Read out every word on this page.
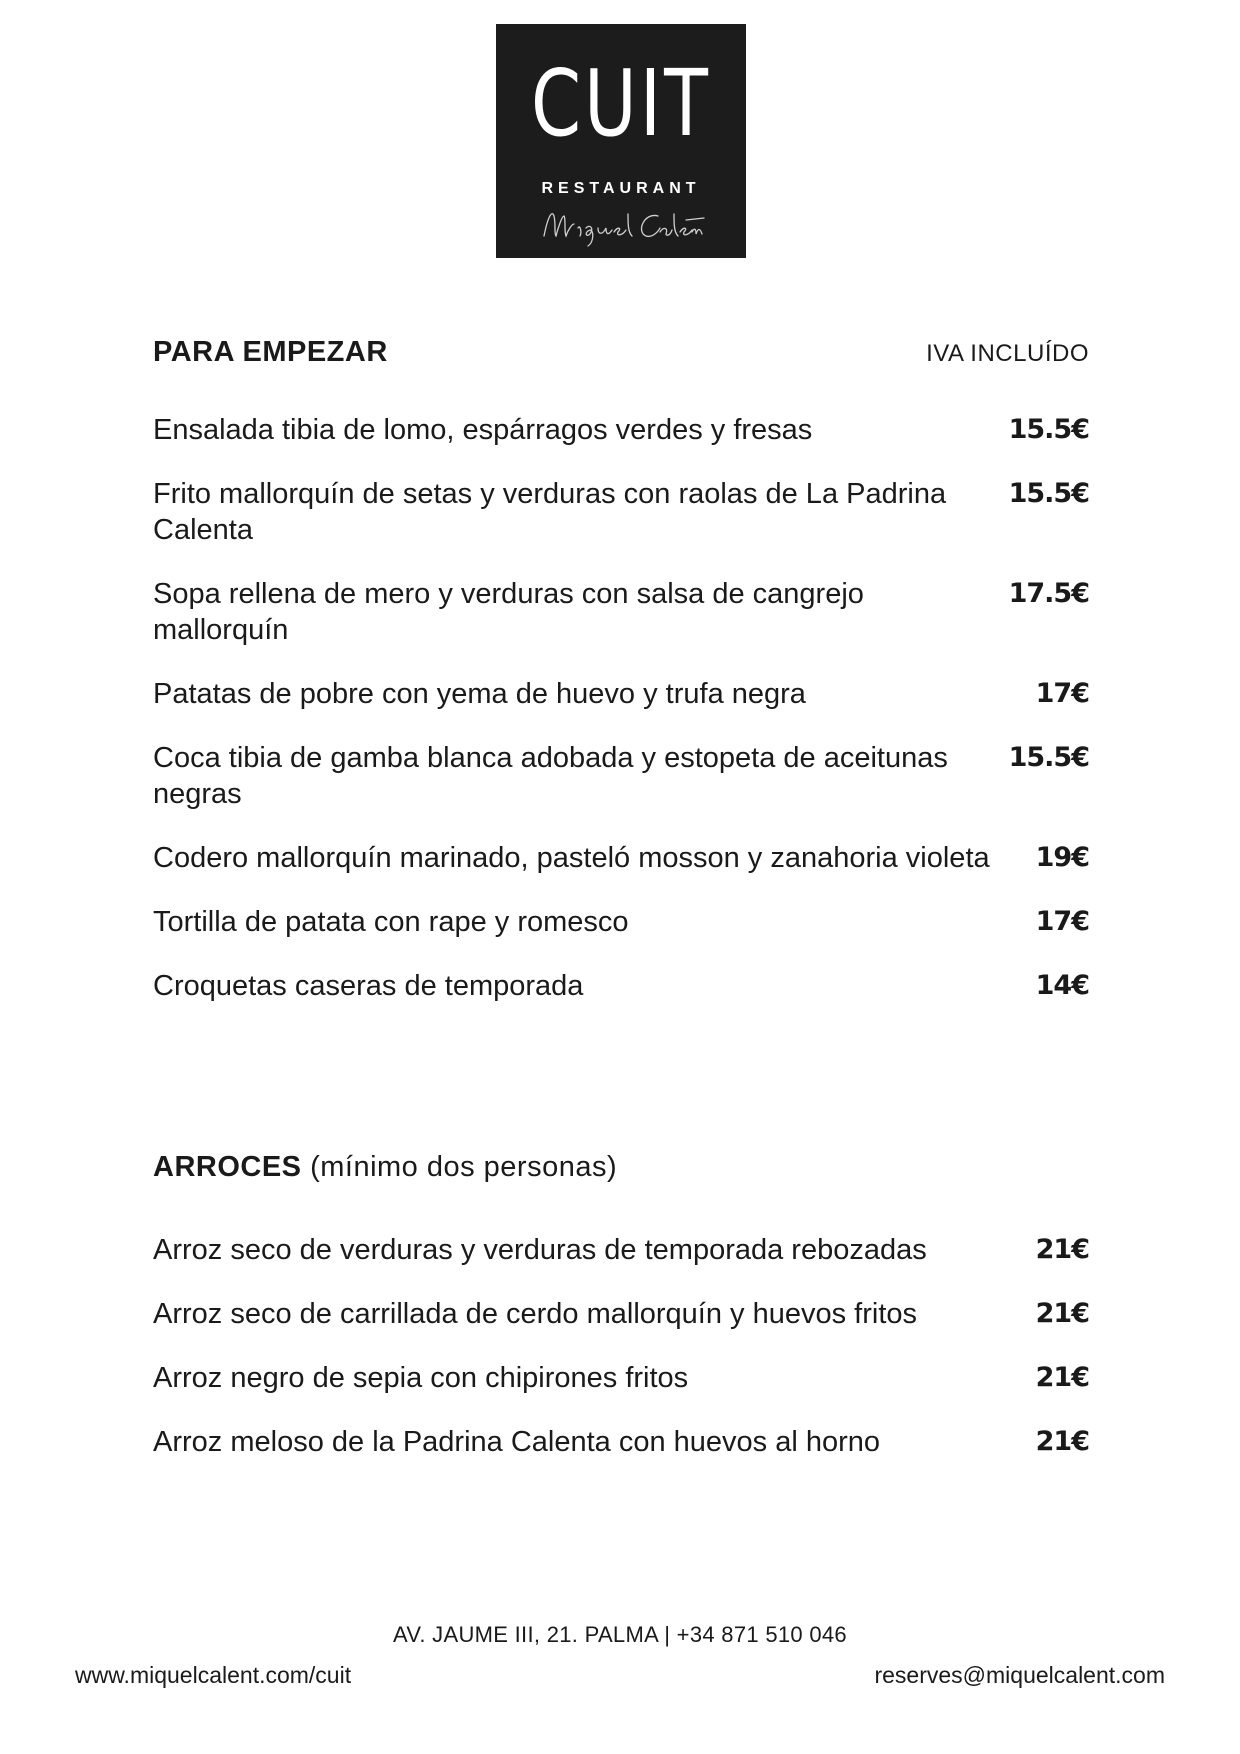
CUIT
RESTAURANT
PARA EMPEZAR	IVA INCLUÍDO
Ensalada tibia de lomo, espárragos verdes y fresas	15.5€
Frito mallorquín de setas y verduras con raolas de La Padrina Calenta
15.5€
Sopa rellena de mero y verduras con salsa de cangrejo mallorquín
17.5€
Patatas de pobre con yema de huevo y trufa negra	17€
Coca tibia de gamba blanca adobada y estopeta de aceitunas negras
15.5€
Codero mallorquín marinado, pasteló mosson y zanahoria violeta	19€
Tortilla de patata con rape y romesco	17€
Croquetas caseras de temporada	14€
ARROCES (mínimo dos personas)
Arroz seco de verduras y verduras de temporada rebozadas	21€
Arroz seco de carrillada de cerdo mallorquín y huevos fritos	21€
Arroz negro de sepia con chipirones fritos	21€
Arroz meloso de la Padrina Calenta con huevos al horno	21€
AV. JAUME III, 21. PALMA | +34 871 510 046
www.miquelcalent.com/cuit	reserves@miquelcalent.com
